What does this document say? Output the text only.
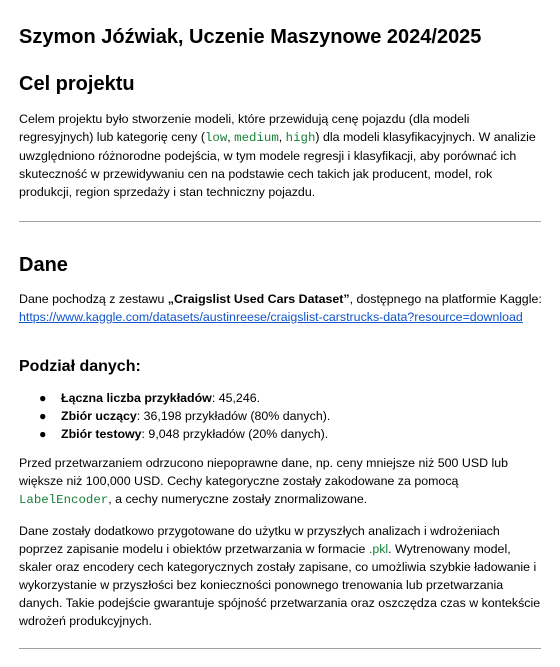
Szymon Jóźwiak, Uczenie Maszynowe 2024/2025
Cel projektu

Celem projektu było stworzenie modeli, które przewidują cenę pojazdu (dla modeli regresyjnych) lub kategorię ceny (low, medium, high) dla modeli klasyfikacyjnych. W analizie uwzględniono różnorodne podejścia, w tym modele regresji i klasyfikacji, aby porównać ich skuteczność w przewidywaniu cen na podstawie cech takich jak producent, model, rok produkcji, region sprzedaży i stan techniczny pojazdu.

Dane

Dane pochodzą z zestawu „Craigslist Used Cars Dataset”, dostępnego na platformie Kaggle:
https://www.kaggle.com/datasets/austinreese/craigslist-carstrucks-data?resource=download

Podział danych:
● Łączna liczba przykładów: 45,246.
● Zbiór uczący: 36,198 przykładów (80% danych).
● Zbiór testowy: 9,048 przykładów (20% danych).

Przed przetwarzaniem odrzucono niepoprawne dane, np. ceny mniejsze niż 500 USD lub większe niż 100,000 USD. Cechy kategoryczne zostały zakodowane za pomocą LabelEncoder, a cechy numeryczne zostały znormalizowane.

Dane zostały dodatkowo przygotowane do użytku w przyszłych analizach i wdrożeniach poprzez zapisanie modelu i obiektów przetwarzania w formacie .pkl. Wytrenowany model, skaler oraz encodery cech kategorycznych zostały zapisane, co umożliwia szybkie ładowanie i wykorzystanie w przyszłości bez konieczności ponownego trenowania lub przetwarzania danych. Takie podejście gwarantuje spójność przetwarzania oraz oszczędza czas w kontekście wdrożeń produkcyjnych.
